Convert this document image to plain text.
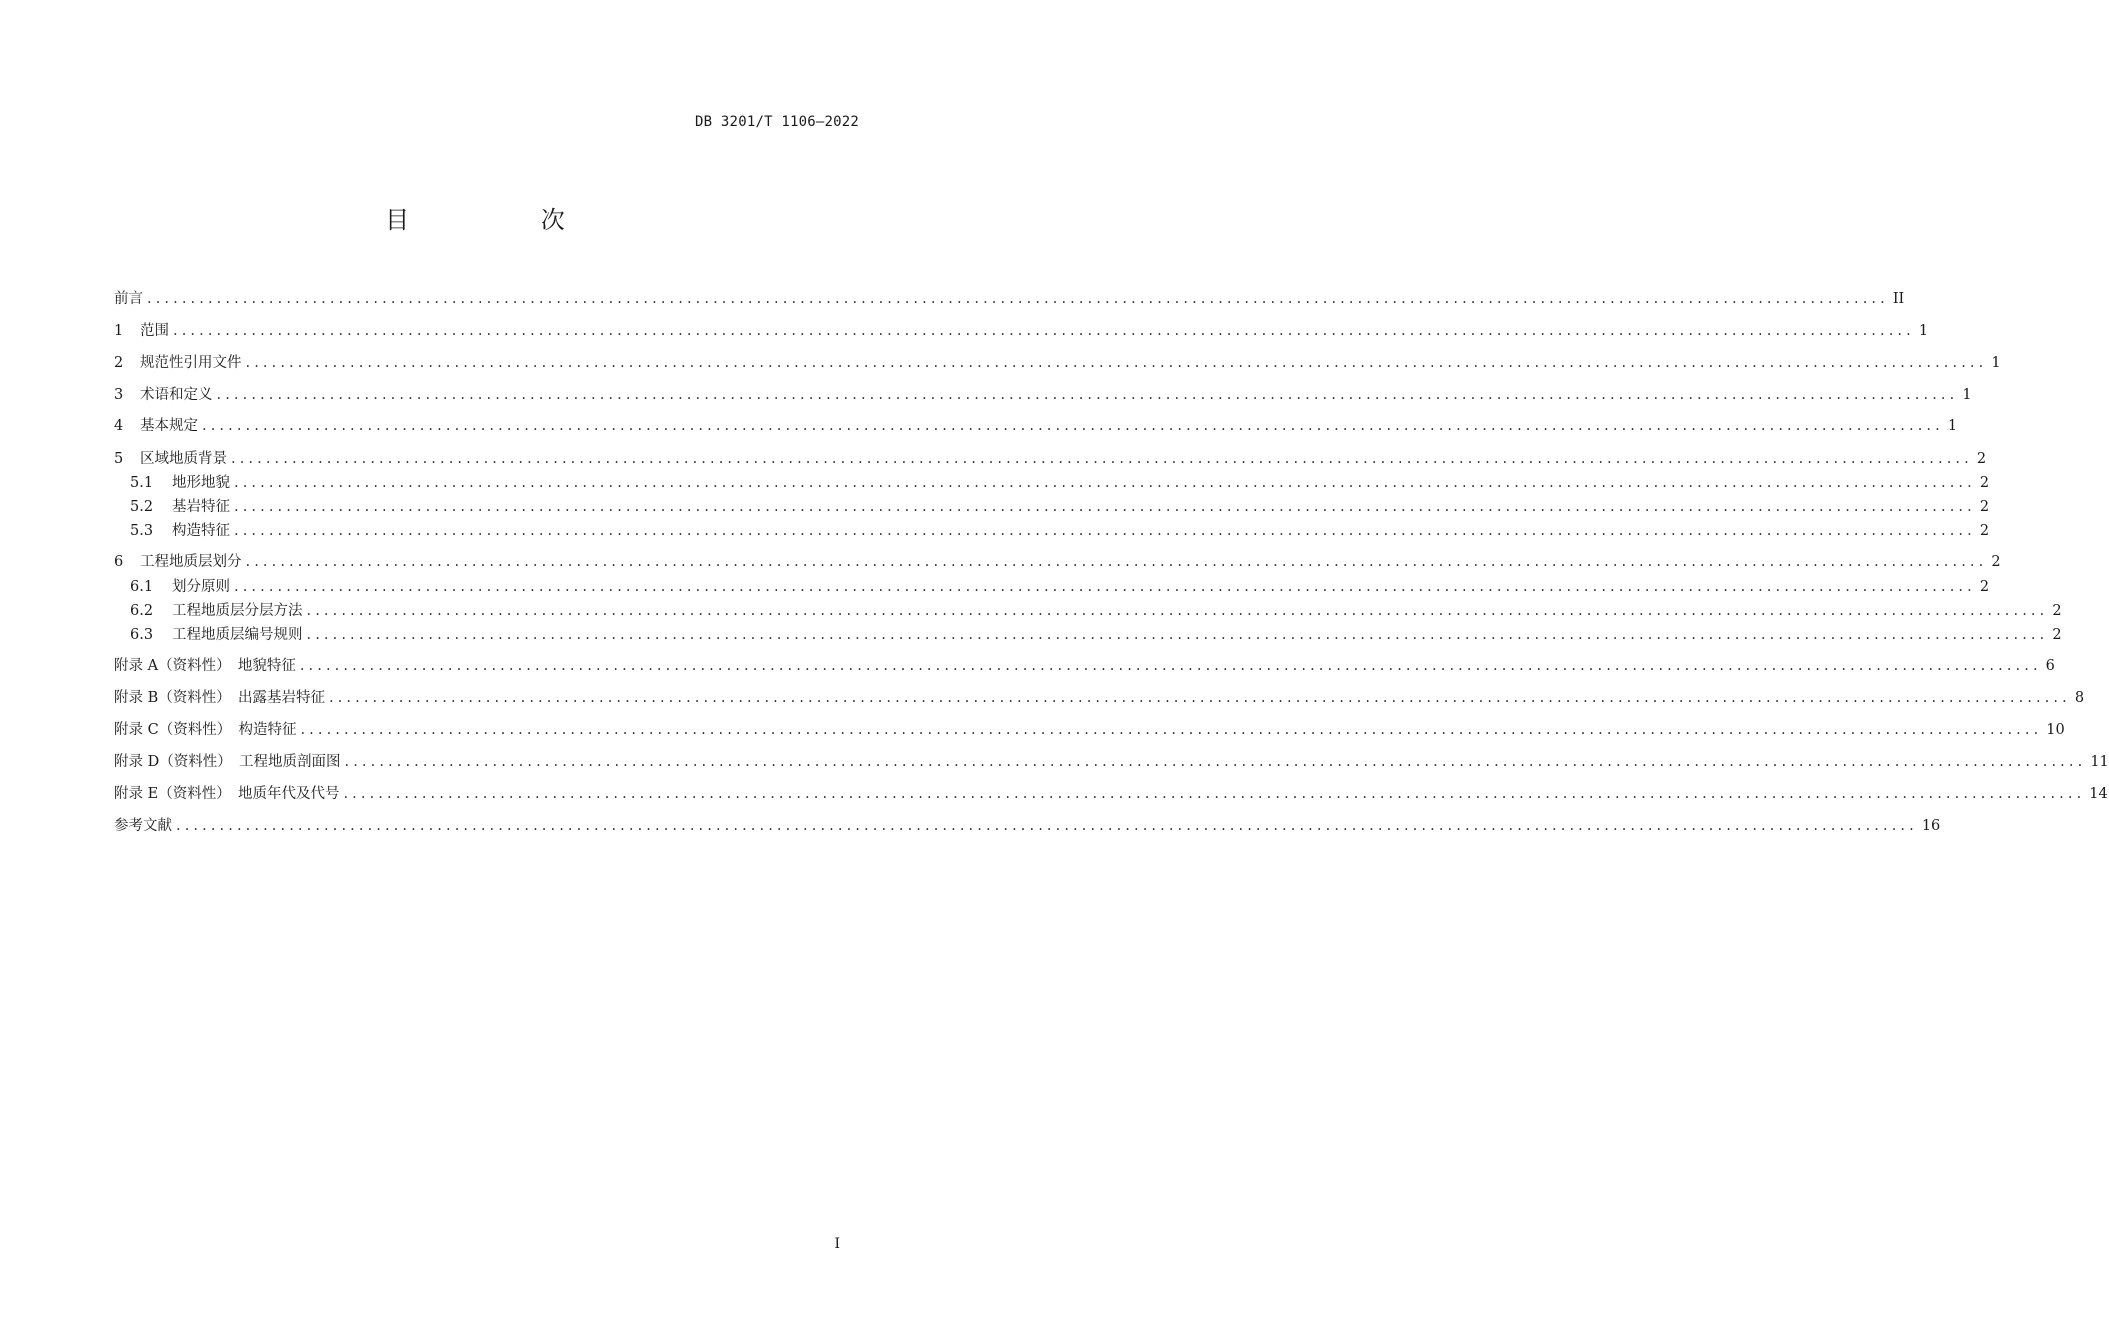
DB 3201/T 1106—2022
目 次
前言 ........................................................................................................................................................................................................ II
1	范围 ........................................................................................................................................................................................................ 1
2	规范性引用文件 ........................................................................................................................................................................................................ 1
3	术语和定义 ........................................................................................................................................................................................................ 1
4	基本规定 ........................................................................................................................................................................................................ 1
5	区域地质背景 ........................................................................................................................................................................................................ 2
5.1	地形地貌 ........................................................................................................................................................................................................ 2
5.2	基岩特征 ........................................................................................................................................................................................................ 2
5.3	构造特征 ........................................................................................................................................................................................................ 2
6	工程地质层划分 ........................................................................................................................................................................................................ 2
6.1	划分原则 ........................................................................................................................................................................................................ 2
6.2	工程地质层分层方法 ........................................................................................................................................................................................................ 2
6.3	工程地质层编号规则 ........................................................................................................................................................................................................ 2
附录 A（资料性）　地貌特征 ........................................................................................................................................................................................................ 6
附录 B（资料性）　出露基岩特征 ........................................................................................................................................................................................................ 8
附录 C（资料性）　构造特征 ........................................................................................................................................................................................................ 10
附录 D（资料性）　工程地质剖面图 ........................................................................................................................................................................................................ 11
附录 E（资料性）　地质年代及代号 ........................................................................................................................................................................................................ 14
参考文献 ........................................................................................................................................................................................................ 16
I
